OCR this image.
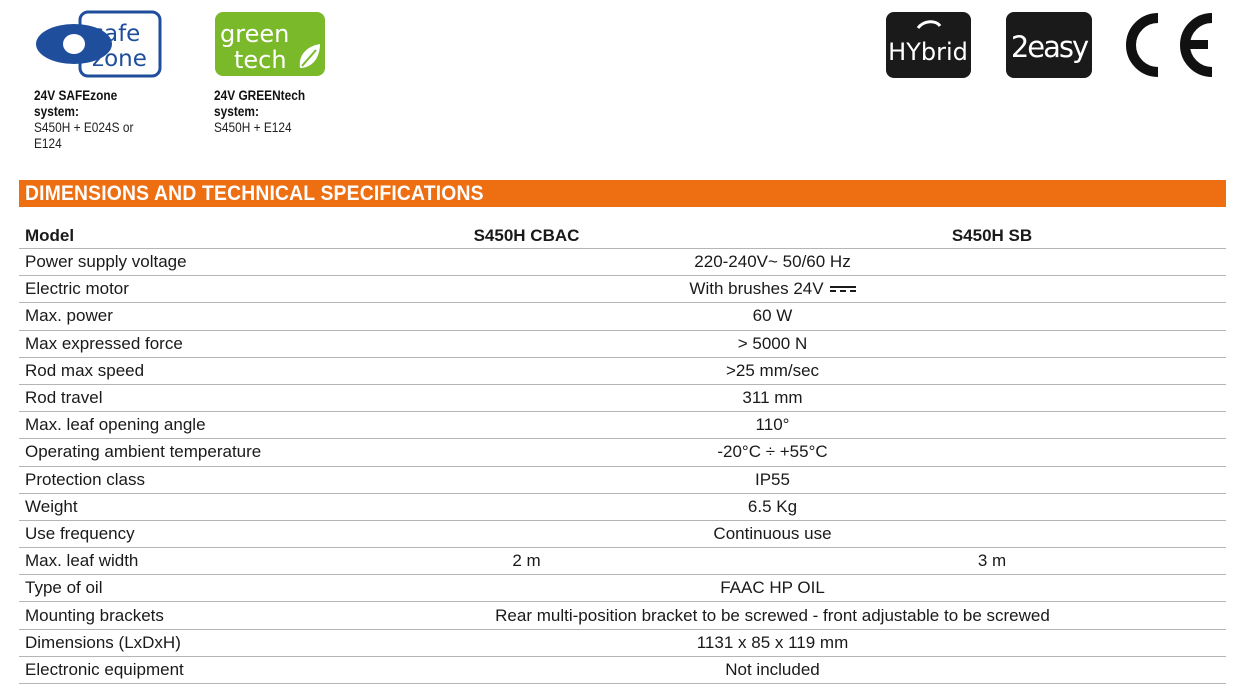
safe
zone
24V SAFEzone
system:
S450H + E024S or
E124
green
tech
24V GREENtech
system:
S450H + E124
HYbrid 2easy
DIMENSIONS AND TECHNICAL SPECIFICATIONS
Model	S450H CBAC	S450H SB
Power supply voltage	220-240V~ 50/60 Hz
Electric motor	With brushes 24V
Max. power	60 W
Max expressed force	> 5000 N
Rod max speed	>25 mm/sec
Rod travel	311 mm
Max. leaf opening angle	110°
Operating ambient temperature	-20°C ÷ +55°C
Protection class	IP55
Weight	6.5 Kg
Use frequency	Continuous use
Max. leaf width	2 m	3 m
Type of oil	FAAC HP OIL
Mounting brackets	Rear multi-position bracket to be screwed - front adjustable to be screwed
Dimensions (LxDxH)	1131 x 85 x 119 mm
Electronic equipment	Not included
